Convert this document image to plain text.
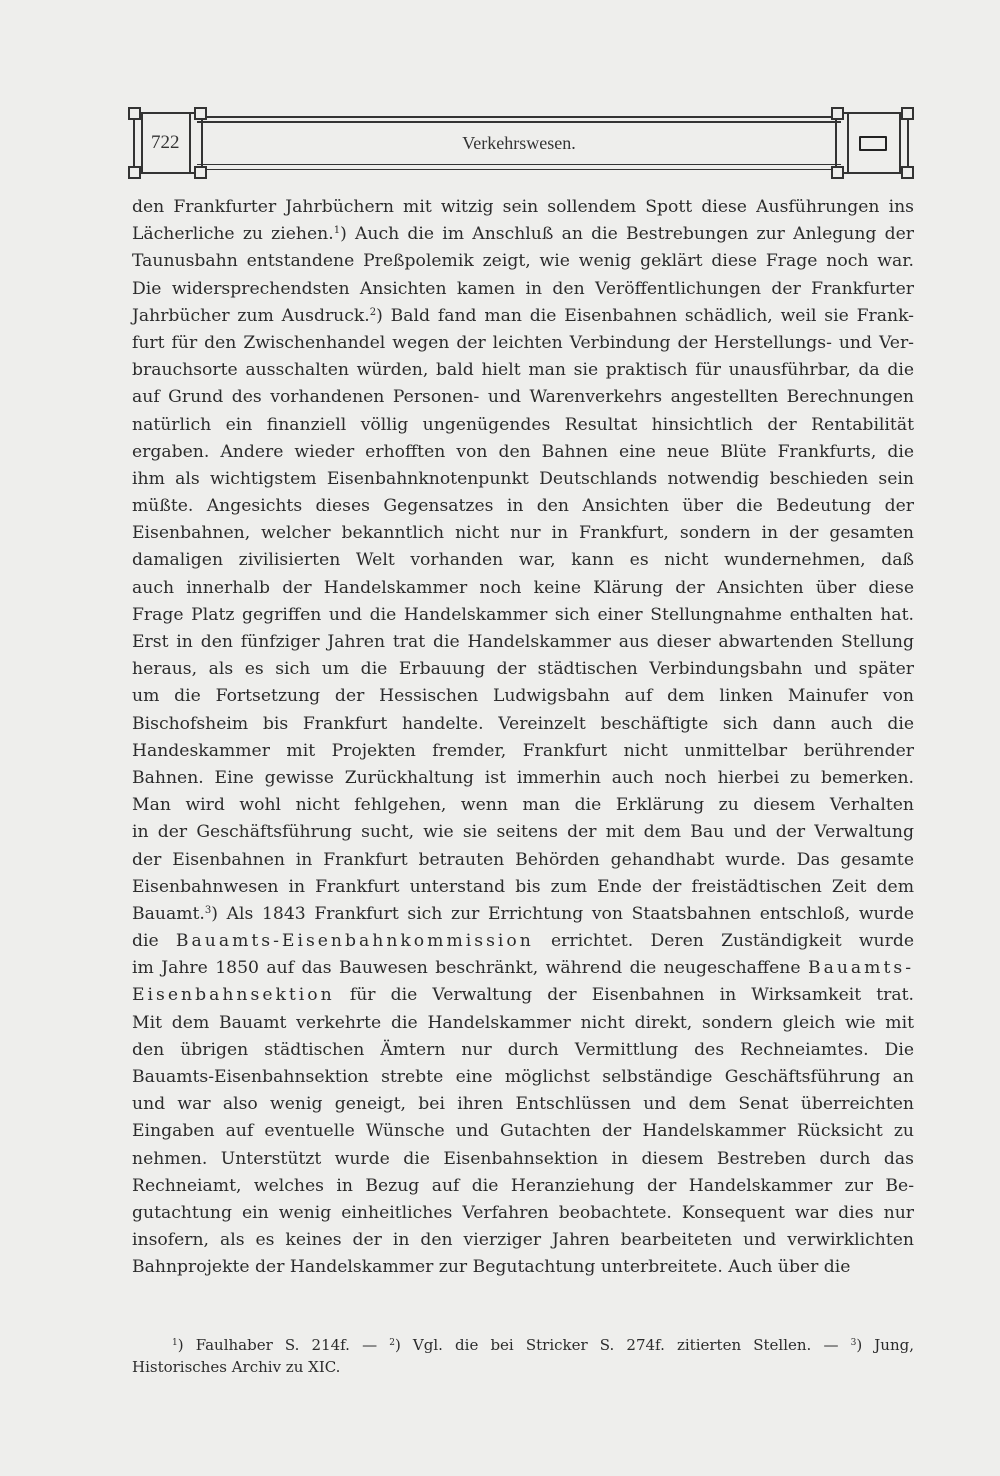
722	Verkehrswesen.
den Frankfurter Jahrbüchern mit witzig sein sollendem Spott diese Ausführungen ins
Lächerliche zu ziehen.$^1$) Auch die im Anschluß an die Bestrebungen zur Anlegung der
Taunusbahn entstandene Preßpolemik zeigt, wie wenig geklärt diese Frage noch war.
Die widersprechendsten Ansichten kamen in den Veröffentlichungen der Frankfurter
Jahrbücher zum Ausdruck.$^2$) Bald fand man die Eisenbahnen schädlich, weil sie Frank-
furt für den Zwischenhandel wegen der leichten Verbindung der Herstellungs- und Ver-
brauchsorte ausschalten würden, bald hielt man sie praktisch für unausführbar, da die
auf Grund des vorhandenen Personen- und Warenverkehrs angestellten Berechnungen
natürlich ein finanziell völlig ungenügendes Resultat hinsichtlich der Rentabilität
ergaben. Andere wieder erhofften von den Bahnen eine neue Blüte Frankfurts, die
ihm als wichtigstem Eisenbahnknotenpunkt Deutschlands notwendig beschieden sein
müßte. Angesichts dieses Gegensatzes in den Ansichten über die Bedeutung der
Eisenbahnen, welcher bekanntlich nicht nur in Frankfurt, sondern in der gesamten
damaligen zivilisierten Welt vorhanden war, kann es nicht wundernehmen, daß
auch innerhalb der Handelskammer noch keine Klärung der Ansichten über diese
Frage Platz gegriffen und die Handelskammer sich einer Stellungnahme enthalten hat.
Erst in den fünfziger Jahren trat die Handelskammer aus dieser abwartenden Stellung
heraus, als es sich um die Erbauung der städtischen Verbindungsbahn und später
um die Fortsetzung der Hessischen Ludwigsbahn auf dem linken Mainufer von
Bischofsheim bis Frankfurt handelte. Vereinzelt beschäftigte sich dann auch die
Handeskammer mit Projekten fremder, Frankfurt nicht unmittelbar berührender
Bahnen. Eine gewisse Zurückhaltung ist immerhin auch noch hierbei zu bemerken.
Man wird wohl nicht fehlgehen, wenn man die Erklärung zu diesem Verhalten
in der Geschäftsführung sucht, wie sie seitens der mit dem Bau und der Verwaltung
der Eisenbahnen in Frankfurt betrauten Behörden gehandhabt wurde. Das gesamte
Eisenbahnwesen in Frankfurt unterstand bis zum Ende der freistädtischen Zeit dem
Bauamt.$^3$) Als 1843 Frankfurt sich zur Errichtung von Staatsbahnen entschloß, wurde
die Bauamts-Eisenbahnkommission errichtet. Deren Zuständigkeit wurde
im Jahre 1850 auf das Bauwesen beschränkt, während die neugeschaffene Bauamts-
Eisenbahnsektion für die Verwaltung der Eisenbahnen in Wirksamkeit trat.
Mit dem Bauamt verkehrte die Handelskammer nicht direkt, sondern gleich wie mit
den übrigen städtischen Ämtern nur durch Vermittlung des Rechneiamtes. Die
Bauamts-Eisenbahnsektion strebte eine möglichst selbständige Geschäftsführung an
und war also wenig geneigt, bei ihren Entschlüssen und dem Senat überreichten
Eingaben auf eventuelle Wünsche und Gutachten der Handelskammer Rücksicht zu
nehmen. Unterstützt wurde die Eisenbahnsektion in diesem Bestreben durch das
Rechneiamt, welches in Bezug auf die Heranziehung der Handelskammer zur Be-
gutachtung ein wenig einheitliches Verfahren beobachtete. Konsequent war dies nur
insofern, als es keines der in den vierziger Jahren bearbeiteten und verwirklichten
Bahnprojekte der Handelskammer zur Begutachtung unterbreitete. Auch über die
$^1$) Faulhaber S. 214f. — $^2$) Vgl. die bei Stricker S. 274f. zitierten Stellen. — $^3$) Jung,
Historisches Archiv zu XIC.
